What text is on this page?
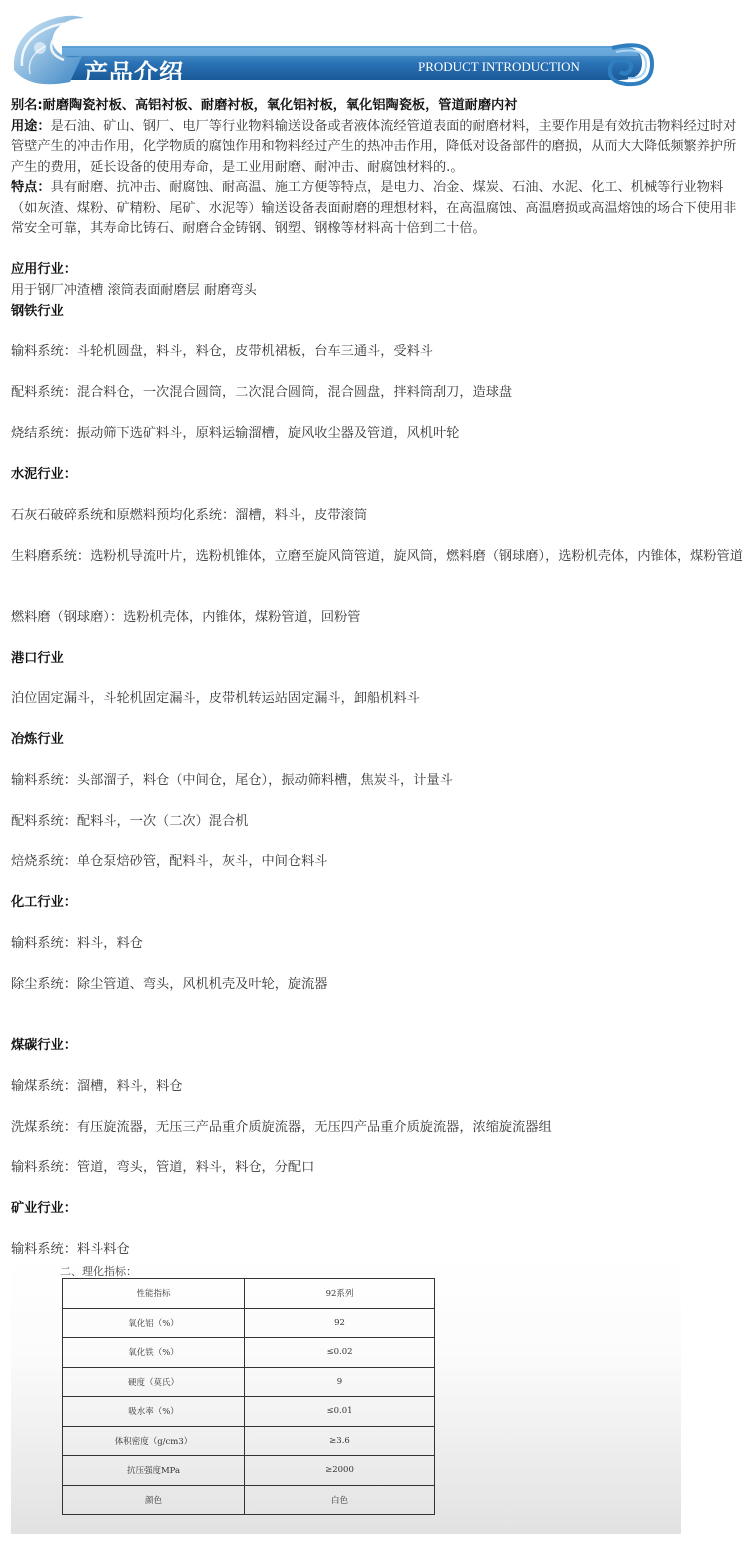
产品介绍	PRODUCT INTRODUCTION

别名:耐磨陶瓷衬板、高铝衬板、耐磨衬板，氧化铝衬板，氧化铝陶瓷板，管道耐磨内衬

用途：是石油、矿山、钢厂、电厂等行业物料输送设备或者液体流经管道表面的耐磨材料，主要作用是有效抗击物料经过时对管壁产生的冲击作用，化学物质的腐蚀作用和物料经过产生的热冲击作用，降低对设备部件的磨损，从而大大降低频繁养护所产生的费用，延长设备的使用寿命，是工业用耐磨、耐冲击、耐腐蚀材料的.。

特点：具有耐磨、抗冲击、耐腐蚀、耐高温、施工方便等特点，是电力、冶金、煤炭、石油、水泥、化工、机械等行业物料（如灰渣、煤粉、矿精粉、尾矿、水泥等）输送设备表面耐磨的理想材料，在高温腐蚀、高温磨损或高温熔蚀的场合下使用非常安全可靠，其寿命比铸石、耐磨合金铸钢、钢塑、钢橡等材料高十倍到二十倍。

应用行业：
用于钢厂冲渣槽 滚筒表面耐磨层 耐磨弯头
钢铁行业
输料系统：斗轮机圆盘，料斗，料仓，皮带机裙板，台车三通斗，受料斗
配料系统：混合料仓，一次混合圆筒，二次混合圆筒，混合圆盘，拌料筒刮刀，造球盘
烧结系统：振动筛下选矿料斗，原料运输溜槽，旋风收尘器及管道，风机叶轮
水泥行业：
石灰石破碎系统和原燃料预均化系统：溜槽，料斗，皮带滚筒
生料磨系统：选粉机导流叶片，选粉机锥体，立磨至旋风筒管道，旋风筒，燃料磨（钢球磨），选粉机壳体，内锥体，煤粉管道
燃料磨（钢球磨）：选粉机壳体，内锥体，煤粉管道，回粉管
港口行业
泊位固定漏斗，斗轮机固定漏斗，皮带机转运站固定漏斗，卸船机料斗
冶炼行业
输料系统：头部溜子，料仓（中间仓，尾仓），振动筛料槽，焦炭斗，计量斗
配料系统：配料斗，一次（二次）混合机
焙烧系统：单仓泵焙砂管，配料斗，灰斗，中间仓料斗
化工行业：
输料系统：料斗，料仓
除尘系统：除尘管道、弯头，风机机壳及叶轮，旋流器
煤碳行业：
输煤系统：溜槽，料斗，料仓
洗煤系统：有压旋流器，无压三产品重介质旋流器，无压四产品重介质旋流器，浓缩旋流器组
输料系统：管道，弯头，管道，料斗，料仓，分配口
矿业行业：
输料系统：料斗料仓
二、理化指标：
性能指标	92系列
氧化铝（%）	92
氧化铁（%）	≤0.02
硬度（莫氏）	9
吸水率（%）	≤0.01
体积密度（g/cm3）	≥3.6
抗压强度MPa	≥2000
颜色	白色
